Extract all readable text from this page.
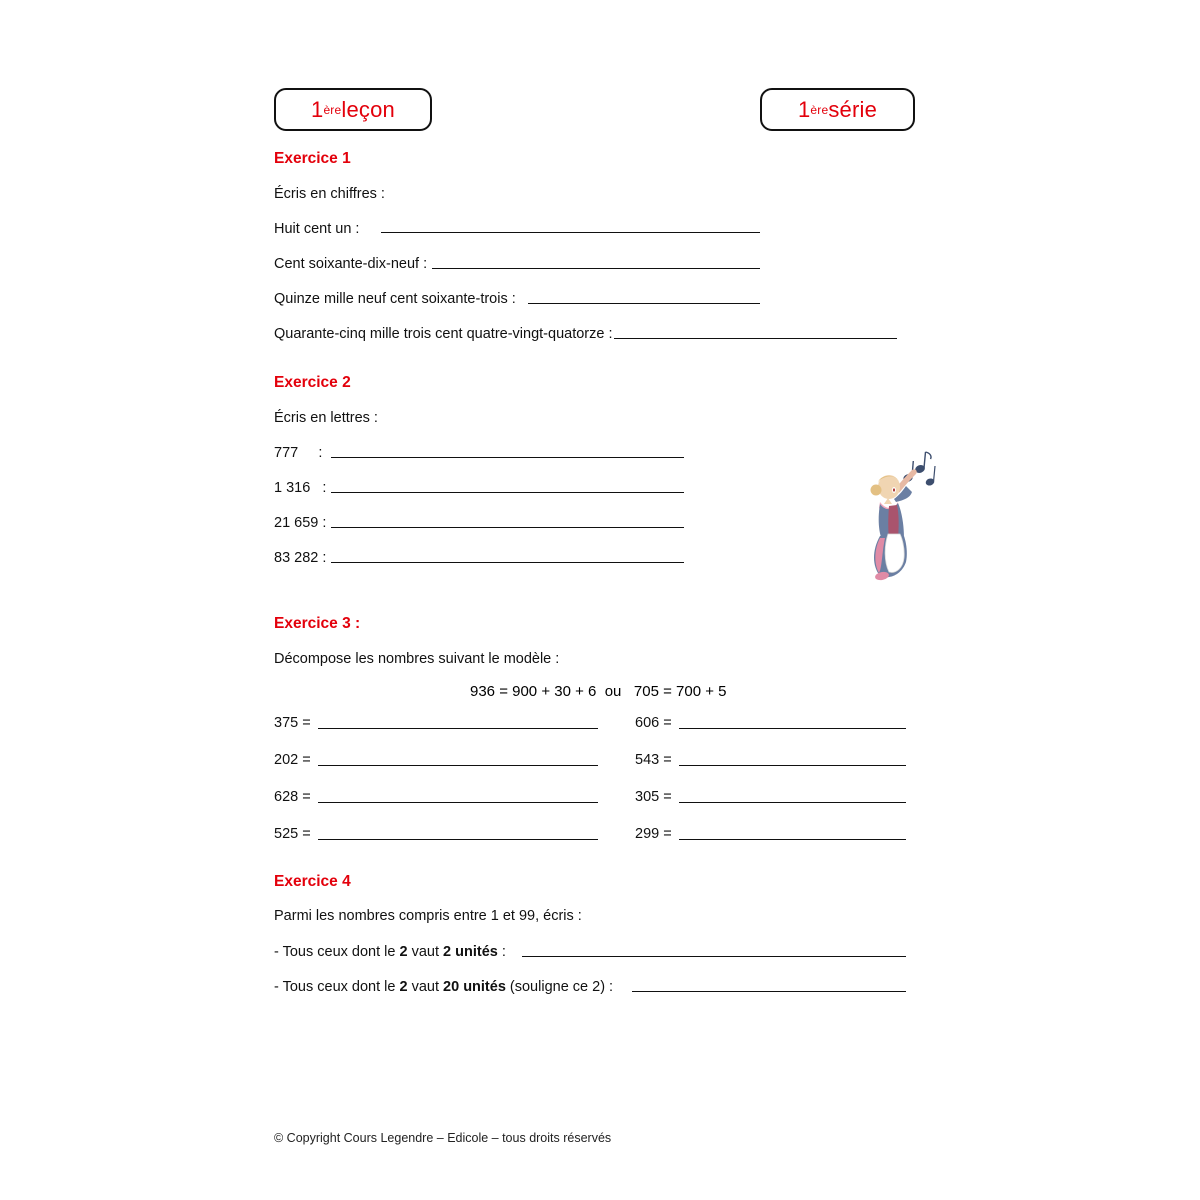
1 ère leçon	1 ère série
Exercice 1
Écris en chiffres :
Huit cent un :
Cent soixante-dix-neuf :
Quinze mille neuf cent soixante-trois :
Quarante-cinq mille trois cent quatre-vingt-quatorze :
Exercice 2
Écris en lettres :
777     :
1 316   :
21 659 :
83 282 :
Exercice 3 :
Décompose les nombres suivant le modèle :
936 = 900 + 30 + 6  ou   705 = 700 + 5
375 =
202 =
628 =
525 =
606 =
543 =
305 =
299 =
Exercice 4
Parmi les nombres compris entre 1 et 99, écris :
- Tous ceux dont le 2 vaut 2 unités :
- Tous ceux dont le 2 vaut 20 unités (souligne ce 2) :
© Copyright Cours Legendre – Edicole – tous droits réservés
